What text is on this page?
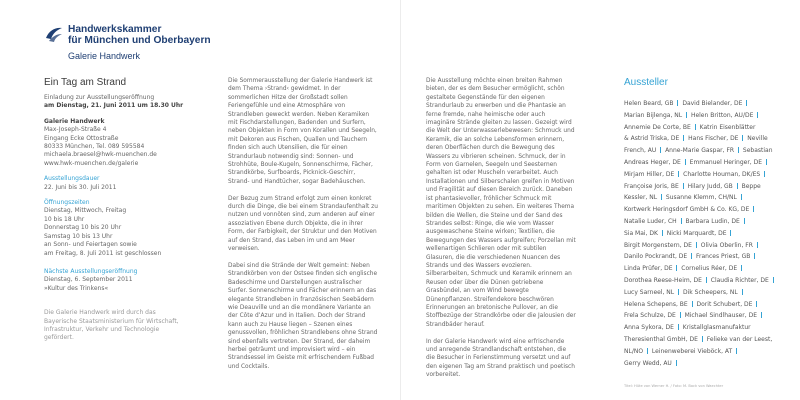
Handwerkskammer
für München und Oberbayern
Galerie Handwerk
Ein Tag am Strand
Einladung zur Ausstellungseröffnung
am Dienstag, 21. Juni 2011 um 18.30 Uhr
Galerie Handwerk
Max-Joseph-Straße 4
Eingang Ecke Ottostraße
80333 München, Tel. 089 595584
michaela.braesel@hwk-muenchen.de
www.hwk-muenchen.de/galerie
Ausstellungsdauer
22. Juni bis 30. Juli 2011
Öffnungszeiten
Dienstag, Mittwoch, Freitag
10 bis 18 Uhr
Donnerstag 10 bis 20 Uhr
Samstag 10 bis 13 Uhr
an Sonn- und Feiertagen sowie
am Freitag, 8. Juli 2011 ist geschlossen
Nächste Ausstellungseröffnung
Dienstag, 6. September 2011
»Kultur des Trinkens«
Die Galerie Handwerk wird durch das
Bayerische Staatsministerium für Wirtschaft,
Infrastruktur, Verkehr und Technologie
gefördert.

Die Sommerausstellung der Galerie Handwerk ist dem Thema ›Strand‹ gewidmet. In der sommerlichen Hitze der Großstadt sollen Feriengefühle und eine Atmosphäre von Strandleben geweckt werden. Neben Keramiken mit Fischdarstellungen, Badenden und Surfern, neben Objekten in Form von Korallen und Seegeln, mit Dekoren aus Fischen, Quallen und Tauchern finden sich auch Utensilien, die für einen Strandurlaub notwendig sind: Sonnen- und Strohhüte, Boule-Kugeln, Sonnenschirme, Fächer, Strandkörbe, Surfboards, Picknick-Geschirr, Strand- und Handtücher, sogar Badehäuschen.

Der Bezug zum Strand erfolgt zum einen konkret durch die Dinge, die bei einem Strandaufenthalt zu nutzen und vonnöten sind, zum anderen auf einer assoziativen Ebene durch Objekte, die in ihrer Form, der Farbigkeit, der Struktur und den Motiven auf den Strand, das Leben im und am Meer verweisen.

Dabei sind die Strände der Welt gemeint: Neben Strandkörben von der Ostsee finden sich englische Badeschirme und Darstellungen australischer Surfer. Sonnenschirme und Fächer erinnern an das elegante Strandleben in französischen Seebädern wie Deauville und an die mondänere Variante an der Côte d’Azur und in Italien. Doch der Strand kann auch zu Hause liegen – Szenen eines genussvollen, fröhlichen Strandlebens ohne Strand sind ebenfalls vertreten. Der Strand, der daheim herbei geträumt und improvisiert wird – ein Strandsessel im Geiste mit erfrischendem Fußbad und Cocktails.

Die Ausstellung möchte einen breiten Rahmen bieten, der es dem Besucher ermöglicht, schön gestaltete Gegenstände für den eigenen Strandurlaub zu erwerben und die Phantasie an ferne fremde, nahe heimische oder auch imaginäre Strände gleiten zu lassen. Gezeigt wird die Welt der Unterwasserlebewesen: Schmuck und Keramik, die an solche Lebensformen erinnern, deren Oberflächen durch die Bewegung des Wassers zu vibrieren scheinen. Schmuck, der in Form von Garnelen, Seegeln und Seesternen gehalten ist oder Muscheln verarbeitet. Auch Installationen und Silberschalen greifen in Motiven und Fragilität auf diesen Bereich zurück. Daneben ist phantasievoller, fröhlicher Schmuck mit maritimen Objekten zu sehen. Ein weiteres Thema bilden die Wellen, die Steine und der Sand des Strandes selbst: Ringe, die wie vom Wasser ausgewaschene Steine wirken; Textilien, die Bewegungen des Wassers aufgreifen; Porzellan mit wellenartigen Schlieren oder mit subtilen Glasuren, die die verschiedenen Nuancen des Strands und des Wassers evozieren. Silberarbeiten, Schmuck und Keramik erinnern an Reusen oder über die Dünen getriebene Grasbündel, an vom Wind bewegte Dünenpflanzen. Streifendekore beschwören Erinnerungen an bretonische Pullover, an die Stoffbezüge der Strandkörbe oder die Jalousien der Strandbäder herauf.

In der Galerie Handwerk wird eine erfrischende und anregende Strandlandschaft entstehen, die die Besucher in Ferienstimmung versetzt und auf den eigenen Tag am Strand praktisch und poetisch vorbereitet.

Aussteller
Helen Beard, GB  David Bielander, DE
Marian Bijlenga, NL  Helen Britton, AU/DE
Annemie De Corte, BE  Katrin Eisenblätter
& Astrid Triska, DE  Hans Fischer, DE  Neville
French, AU  Anne-Marie Gaspar, FR  Sebastian
Andreas Heger, DE  Emmanuel Heringer, DE
Mirjam Hiller, DE  Charlotte Houman, DK/ES
Françoise Joris, BE  Hilary Judd, GB  Beppe
Kessler, NL  Susanne Klemm, CH/NL
Kortwerk Heringsdorf GmbH & Co. KG, DE
Natalie Luder, CH  Barbara Ludin, DE
Sia Mai, DK  Nicki Marquardt, DE
Birgit Morgenstern, DE  Olivia Oberlin, FR
Danilo Pockrandt, DE  Frances Priest, GB
Linda Prüfer, DE  Cornelius Réer, DE
Dorothea Reese-Heim, DE  Claudia Richter, DE
Lucy Sarneel, NL  Dik Scheepers, NL
Helena Schepens, BE  Dorit Schubert, DE
Frela Schulze, DE  Michael Sindlhauser, DE
Anna Sykora, DE  Kristallglasmanufaktur
Theresienthal GmbH, DE  Felieke van der Leest,
NL/NO  Leinenweberei Vieböck, AT
Gerry Wedd, AU
Titel: Hüte von Werner H. / Foto: M. Bock von Waechter
